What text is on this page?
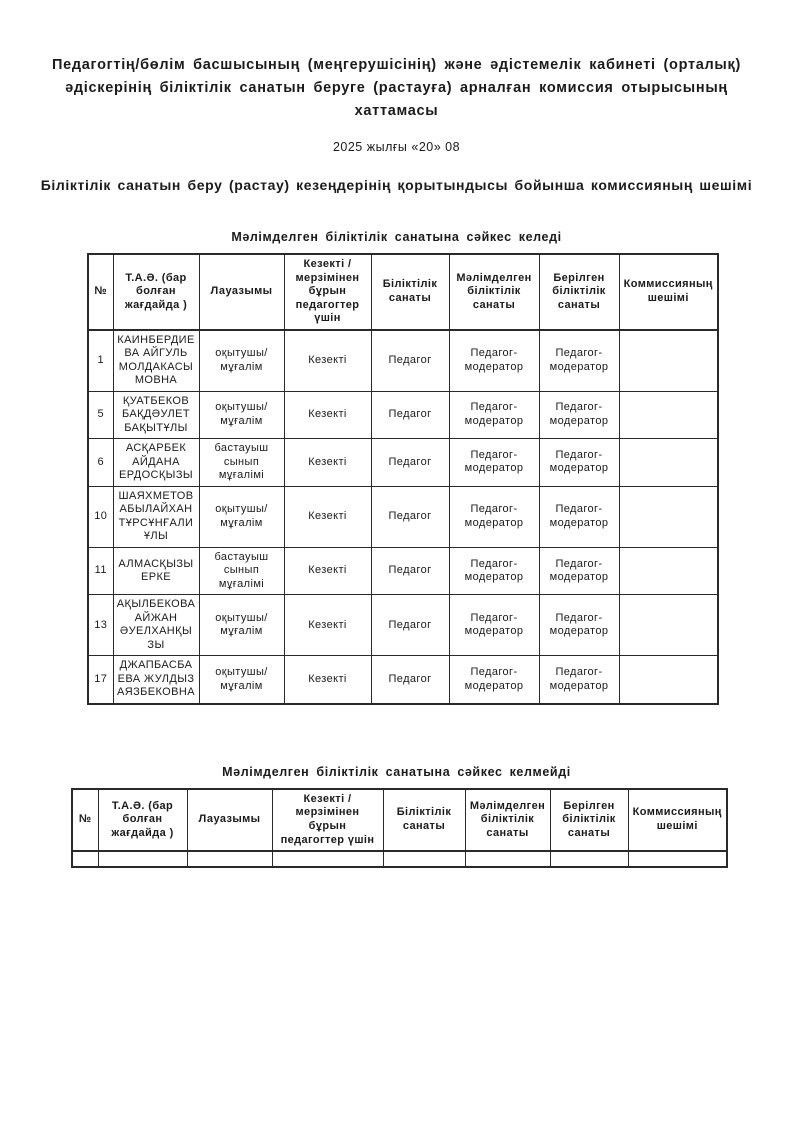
Педагогтің/бөлім басшысының (меңгерушісінің) және әдістемелік кабинеті (орталық) әдіскерінің біліктілік санатын беруге (растауға) арналған комиссия отырысының хаттамасы
2025 жылғы «20» 08
Біліктілік санатын беру (растау) кезеңдерінің қорытындысы бойынша комиссияның шешімі
Мәлімделген біліктілік санатына сәйкес келеді
№	Т.А.Ә. (бар болған жағдайда )	Лауазымы	Кезекті / мерзімінен бұрын педагогтер үшін	Біліктілік санаты	Мәлімделген біліктілік санаты	Берілген біліктілік санаты	Коммиссияның шешімі
1	КАИНБЕРДИЕВА АЙГУЛЬ МОЛДАКАСЫМОВНА	оқытушы/мұғалім	Кезекті	Педагог	Педагог-модератор	Педагог-модератор	
5	ҚУАТБЕКОВ БАҚДӘУЛЕТ БАҚЫТҰЛЫ	оқытушы/мұғалім	Кезекті	Педагог	Педагог-модератор	Педагог-модератор	
6	АСҚАРБЕК АЙДАНА ЕРДОСҚЫЗЫ	бастауыш сынып мұғалімі	Кезекті	Педагог	Педагог-модератор	Педагог-модератор	
10	ШАЯХМЕТОВ АБЫЛАЙХАН ТҰРСҰНҒАЛИҰЛЫ	оқытушы/мұғалім	Кезекті	Педагог	Педагог-модератор	Педагог-модератор	
11	АЛМАСҚЫЗЫ ЕРКЕ	бастауыш сынып мұғалімі	Кезекті	Педагог	Педагог-модератор	Педагог-модератор	
13	АҚЫЛБЕКОВА АЙЖАН ӘУЕЛХАНҚЫЗЫ	оқытушы/мұғалім	Кезекті	Педагог	Педагог-модератор	Педагог-модератор	
17	ДЖАПБАСБАЕВА ЖУЛДЫЗ АЯЗБЕКОВНА	оқытушы/мұғалім	Кезекті	Педагог	Педагог-модератор	Педагог-модератор	
Мәлімделген біліктілік санатына сәйкес келмейді
№	Т.А.Ә. (бар болған жағдайда )	Лауазымы	Кезекті / мерзімінен бұрын педагогтер үшін	Біліктілік санаты	Мәлімделген біліктілік санаты	Берілген біліктілік санаты	Коммиссияның шешімі
